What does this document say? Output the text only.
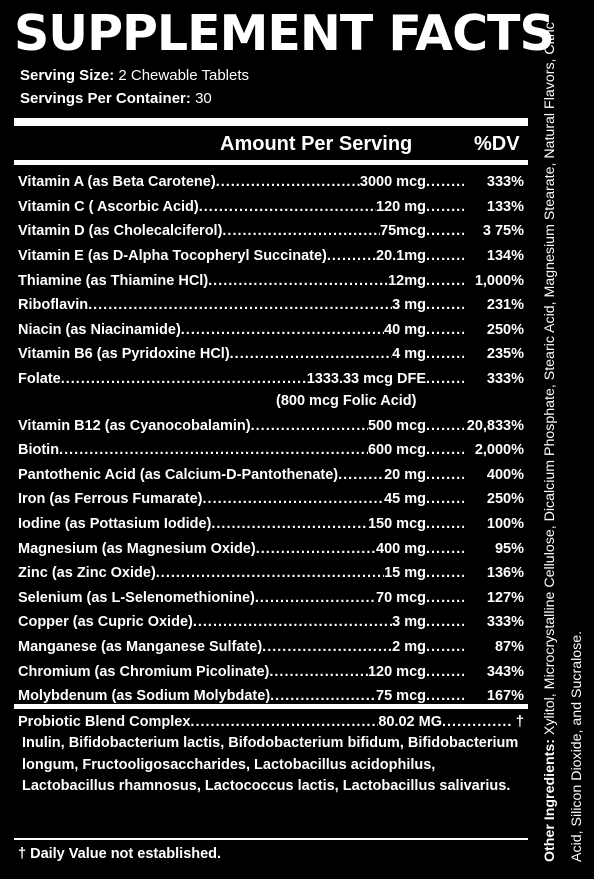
SUPPLEMENT FACTS
Serving Size: 2 Chewable Tablets
Servings Per Container: 30
Amount Per Serving	%DV
Vitamin A (as Beta Carotene) .....	3000 mcg .....	333%
Vitamin C ( Ascorbic Acid) .....	120 mg .....	133%
Vitamin D (as Cholecalciferol) .....	75mcg .....	3 75%
Vitamin E (as D-Alpha Tocopheryl Succinate) .....	20.1mg .....	134%
Thiamine (as Thiamine HCl) .....	12mg .....	1,000%
Riboflavin .....	3 mg .....	231%
Niacin (as Niacinamide) .....	40 mg .....	250%
Vitamin B6 (as Pyridoxine HCl) .....	4 mg .....	235%
Folate .....	1333.33 mcg DFE .....	333%
(800 mcg Folic Acid)
Vitamin B12 (as Cyanocobalamin) .....	500 mcg .....	20,833%
Biotin .....	600 mcg .....	2,000%
Pantothenic Acid (as Calcium-D-Pantothenate) .....	20 mg .....	400%
Iron (as Ferrous Fumarate) .....	45 mg .....	250%
Iodine (as Pottasium Iodide) .....	150 mcg .....	100%
Magnesium (as Magnesium Oxide) .....	400 mg .....	95%
Zinc (as Zinc Oxide) .....	15 mg .....	136%
Selenium (as L-Selenomethionine) .....	70 mcg .....	127%
Copper (as Cupric Oxide) .....	3 mg .....	333%
Manganese (as Manganese Sulfate) .....	2 mg .....	87%
Chromium (as Chromium Picolinate) .....	120 mcg .....	343%
Molybdenum (as Sodium Molybdate) .....	75 mcg .....	167%
Probiotic Blend Complex .....	80.02 MG .....	†
Inulin, Bifidobacterium lactis, Bifodobacterium bifidum, Bifidobacterium longum, Fructooligosaccharides, Lactobacillus acidophilus, Lactobacillus rhamnosus, Lactococcus lactis, Lactobacillus salivarius.
† Daily Value not established.	Other Ingredients: Xylitol, Microcrystalline Cellulose, Dicalcium Phosphate, Stearic Acid, Magnesium Stearate, Natural Flavors, Citric Acid, Silicon Dioxide, and Sucralose.
